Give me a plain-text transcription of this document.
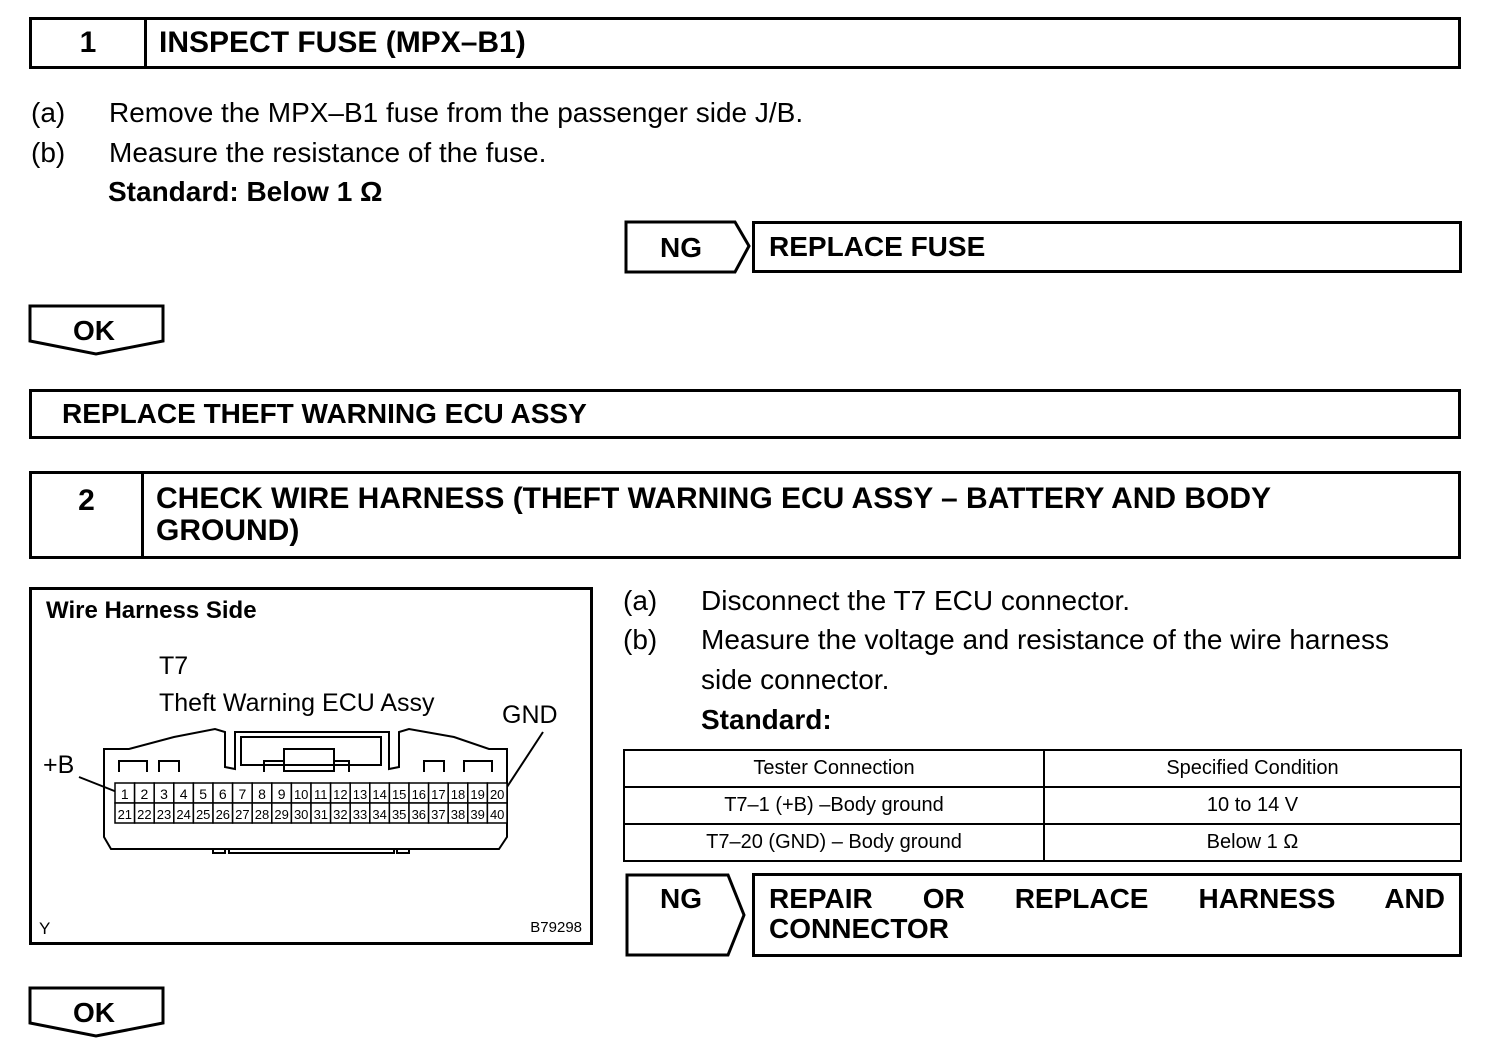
1	INSPECT FUSE (MPX–B1)
(a) Remove the MPX–B1 fuse from the passenger side J/B.
(b) Measure the resistance of the fuse.
Standard: Below 1 Ω
NG REPLACE FUSE
OK
REPLACE THEFT WARNING ECU ASSY
2	CHECK WIRE HARNESS (THEFT WARNING ECU ASSY – BATTERY AND BODY GROUND)
Wire Harness Side
T7
Theft Warning ECU Assy	GND
+B
1 2 3 4 5 6 7 8 9 10 11 12 13 14 15 16 17 18 19 20
21 22 23 24 25 26 27 28 29 30 31 32 33 34 35 36 37 38 39 40
Y	B79298
(a) Disconnect the T7 ECU connector.
(b) Measure the voltage and resistance of the wire harness
side connector.
Standard:
Tester Connection	Specified Condition
T7–1 (+B) –Body ground	10 to 14 V
T7–20 (GND) – Body ground	Below 1 Ω
NG REPAIR OR REPLACE HARNESS AND
CONNECTOR
OK
